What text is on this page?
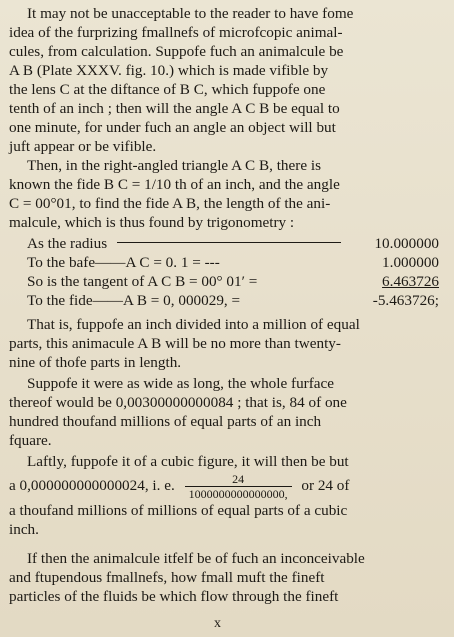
It may not be unacceptable to the reader to have fome
idea of the furprizing fmallnefs of microfcopic animal-
cules, from calculation. Suppofe fuch an animalcule be
A B (Plate XXXV. fig. 10.) which is made vifible by
the lens C at the diftance of B C, which fuppofe one
tenth of an inch ; then will the angle A C B be equal to
one minute, for under fuch an angle an object will but
juft appear or be vifible.
Then, in the right-angled triangle A C B, there is
known the fide B C = 1/10 th of an inch, and the angle
C = 00°01, to find the fide A B, the length of the ani-
malcule, which is thus found by trigonometry :
As the radius	10.000000
To the bafe——A C = 0. 1 = ---	1.000000
So is the tangent of A C B = 00° 01′ =	6.463726
To the fide——A B = 0, 000029, =	-5.463726;
That is, fuppofe an inch divided into a million of equal
parts, this animacule A B will be no more than twenty-
nine of thofe parts in length.
Suppofe it were as wide as long, the whole furface
thereof would be 0,00300000000084 ; that is, 84 of one
hundred thoufand millions of equal parts of an inch
fquare.
Laftly, fuppofe it of a cubic figure, it will then be but
a 0,000000000000024, i. e. $\frac{24}{1000000000000000,}$ or 24 of
a thoufand millions of millions of equal parts of a cubic
inch.
If then the animalcule itfelf be of fuch an inconceivable
and ftupendous fmallnefs, how fmall muft the fineft
particles of the fluids be which flow through the fineft
x
